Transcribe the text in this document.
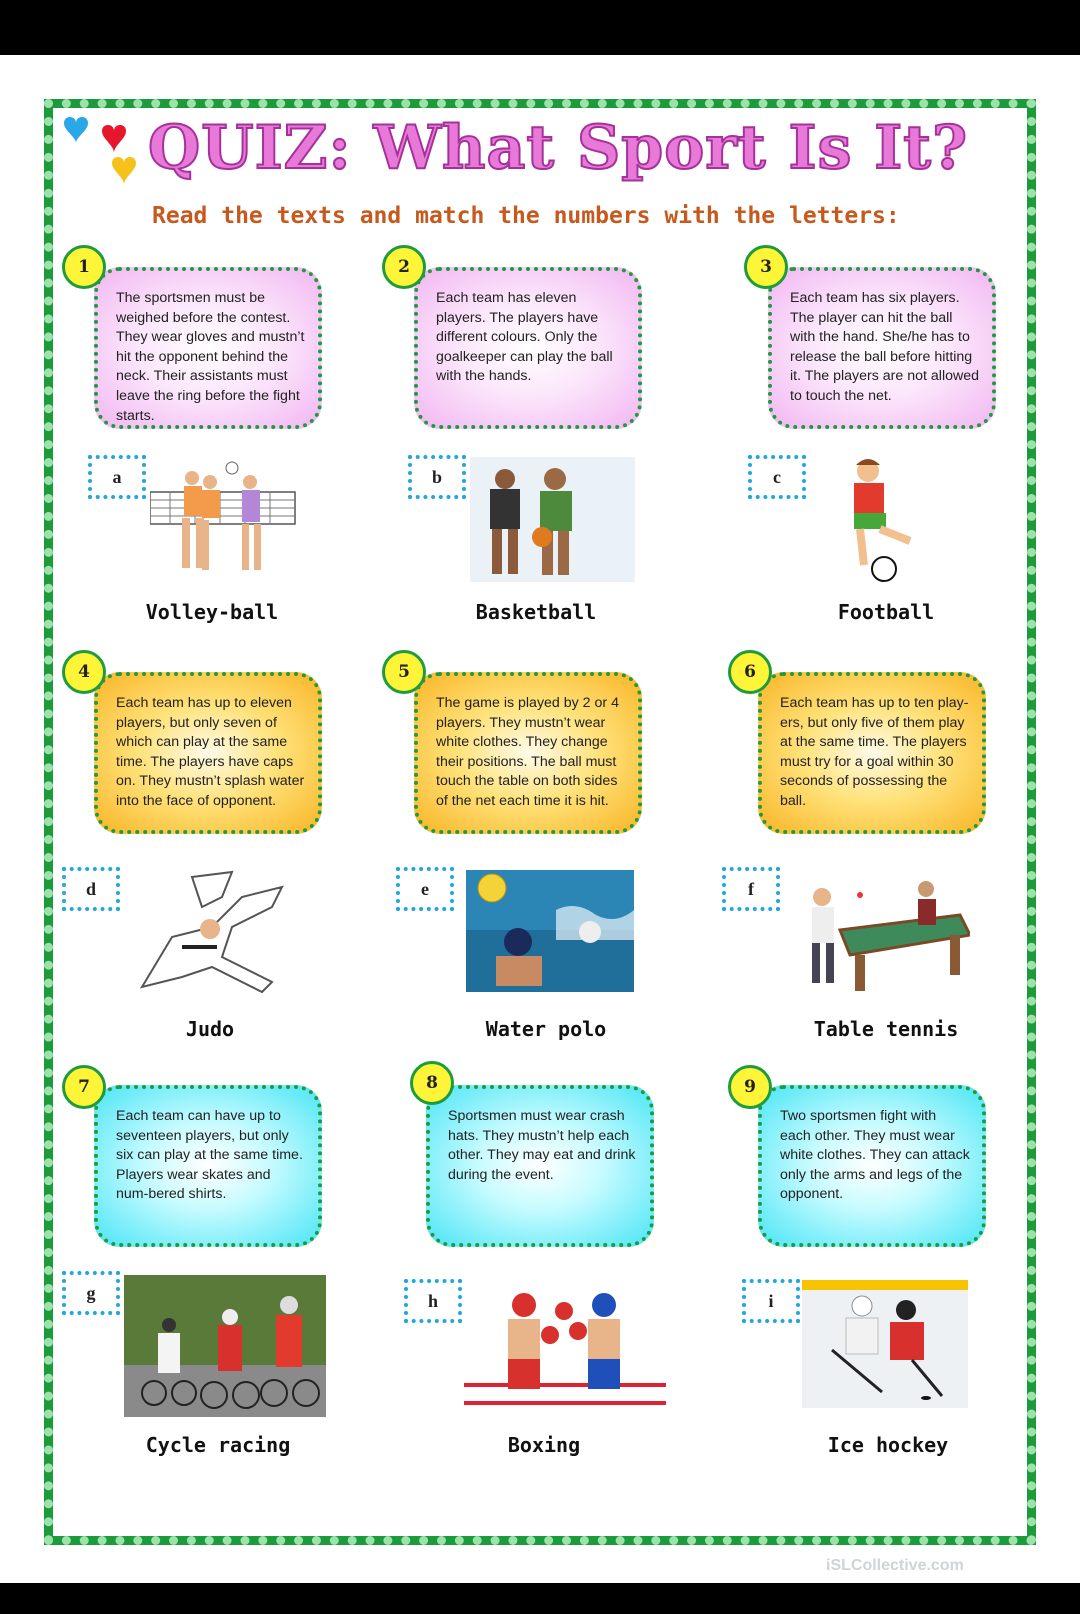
QUIZ: What Sport Is It?
Read the texts and match the numbers with the letters:
The sportsmen must be weighed before the contest. They wear gloves and mustn’t hit the opponent behind the neck. Their assistants must leave the ring before the fight starts.
1
Each team has eleven players. The players have different colours. Only the goalkeeper can play the ball with the hands.
2
Each team has six players. The player can hit the ball with the hand. She/he has to release the ball before hitting it. The players are not allowed to touch the net.
3
a
Volley-ball
b
Basketball
c
Football
Each team has up to eleven players, but only seven of which can play at the same time. The players have caps on. They mustn’t splash water into the face of opponent.
4
The game is played by 2 or 4 players. They mustn’t wear white clothes. They change their positions. The ball must touch the table on both sides of the net each time it is hit.
5
Each team has up to ten play-ers, but only five of them play at the same time. The players must try for a goal within 30 seconds of possessing the ball.
6
d
Judo
e
Water polo
f
Table tennis
Each team can have up to seventeen players, but only six can play at the same time. Players wear skates and num-bered shirts.
7
Sportsmen must wear crash hats. They mustn’t help each other. They may eat and drink during the event.
8
Two sportsmen fight with each other. They must wear white clothes. They can attack only the arms and legs of the opponent.
9
g
Cycle racing
h
Boxing
i
Ice hockey
iSLCollective.com
